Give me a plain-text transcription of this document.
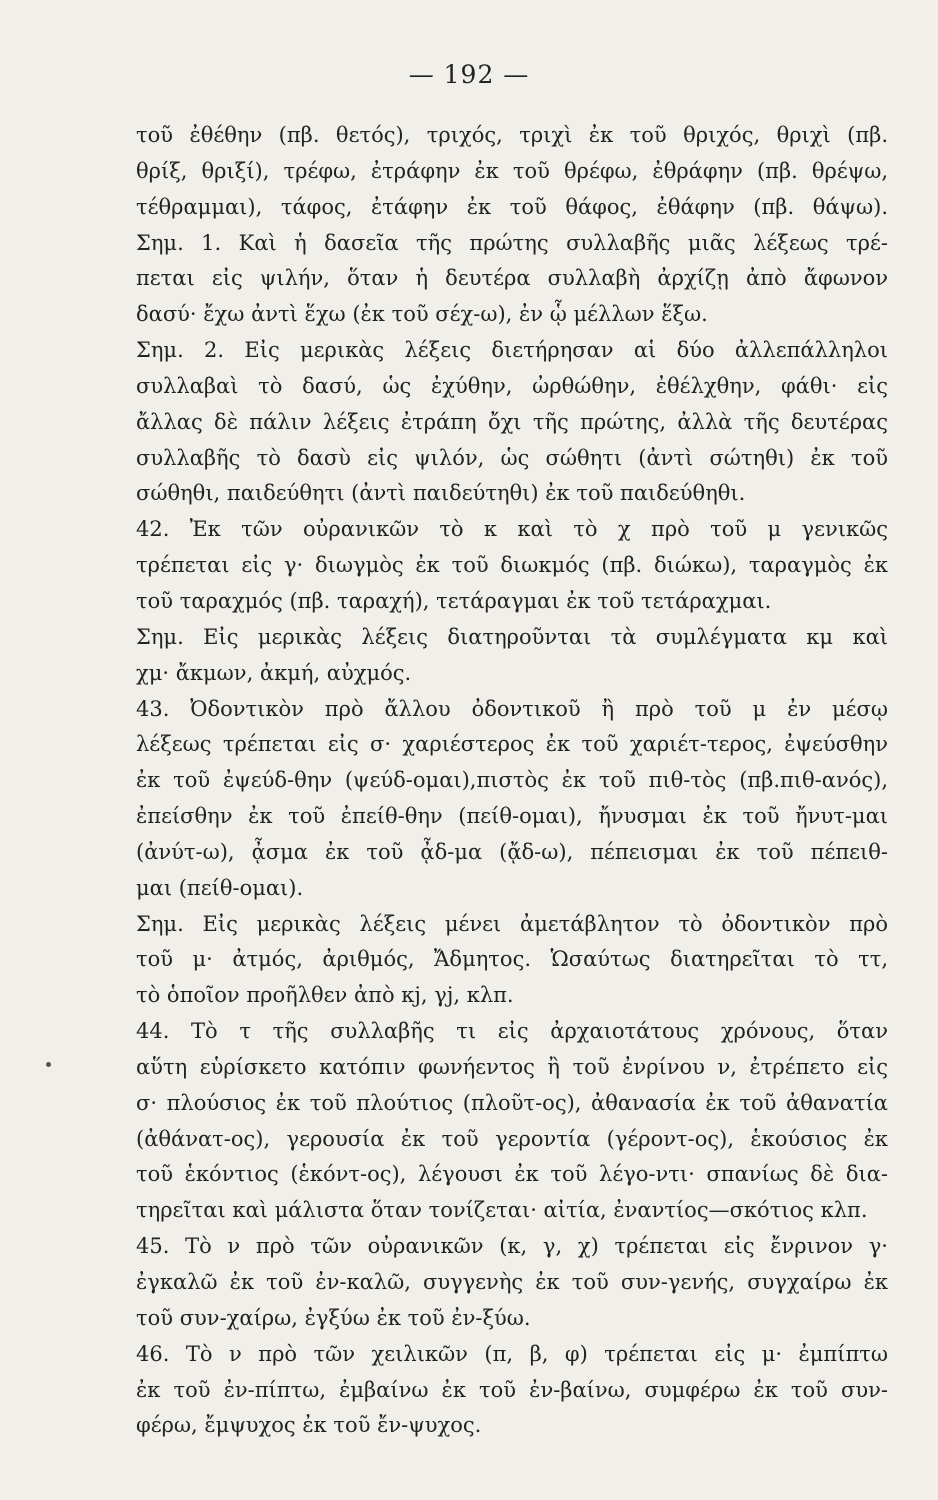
— 192 —
τοῦ ἐθέθην (πβ. θετός), τριχός, τριχὶ ἐκ τοῦ θριχός, θριχὶ (πβ.
θρίξ, θριξί), τρέφω, ἐτράφην ἐκ τοῦ θρέφω, ἐθράφην (πβ. θρέψω,
τέθραμμαι), τάφος, ἐτάφην ἐκ τοῦ θάφος, ἐθάφην (πβ. θάψω).
Σημ. 1. Καὶ ἡ δασεῖα τῆς πρώτης συλλαβῆς μιᾶς λέξεως τρέ-
πεται εἰς ψιλήν, ὅταν ἡ δευτέρα συλλαβὴ ἀρχίζῃ ἀπὸ ἄφωνον
δασύ· ἔχω ἀντὶ ἕχω (ἐκ τοῦ σέχ-ω), ἐν ᾧ μέλλων ἕξω.
Σημ. 2. Εἰς μερικὰς λέξεις διετήρησαν αἱ δύο ἀλλεπάλληλοι
συλλαβαὶ τὸ δασύ, ὡς ἐχύθην, ὠρθώθην, ἐθέλχθην, φάθι· εἰς
ἄλλας δὲ πάλιν λέξεις ἐτράπη ὄχι τῆς πρώτης, ἀλλὰ τῆς δευτέρας
συλλαβῆς τὸ δασὺ εἰς ψιλόν, ὡς σώθητι (ἀντὶ σώτηθι) ἐκ τοῦ
σώθηθι, παιδεύθητι (ἀντὶ παιδεύτηθι) ἐκ τοῦ παιδεύθηθι.
42. Ἐκ τῶν οὐρανικῶν τὸ κ καὶ τὸ χ πρὸ τοῦ μ γενικῶς
τρέπεται εἰς γ· διωγμὸς ἐκ τοῦ διωκμός (πβ. διώκω), ταραγμὸς ἐκ
τοῦ ταραχμός (πβ. ταραχή), τετάραγμαι ἐκ τοῦ τετάραχμαι.
Σημ. Εἰς μερικὰς λέξεις διατηροῦνται τὰ συμλέγματα κμ καὶ
χμ· ἄκμων, ἀκμή, αὐχμός.
43. Ὀδοντικὸν πρὸ ἄλλου ὀδοντικοῦ ἢ πρὸ τοῦ μ ἐν μέσῳ
λέξεως τρέπεται εἰς σ· χαριέστερος ἐκ τοῦ χαριέτ-τερος, ἐψεύσθην
ἐκ τοῦ ἐψεύδ-θην (ψεύδ-ομαι),πιστὸς ἐκ τοῦ πιθ-τὸς (πβ.πιθ-ανός),
ἐπείσθην ἐκ τοῦ ἐπείθ-θην (πείθ-ομαι), ἤνυσμαι ἐκ τοῦ ἤνυτ-μαι
(ἀνύτ-ω), ᾆσμα ἐκ τοῦ ᾆδ-μα (ᾄδ-ω), πέπεισμαι ἐκ τοῦ πέπειθ-
μαι (πείθ-ομαι).
Σημ. Εἰς μερικὰς λέξεις μένει ἀμετάβλητον τὸ ὀδοντικὸν πρὸ
τοῦ μ· ἀτμός, ἀριθμός, Ἄδμητος. Ὡσαύτως διατηρεῖται τὸ ττ,
τὸ ὁποῖον προῆλθεν ἀπὸ κj, γj, κλπ.
44. Τὸ τ τῆς συλλαβῆς τι εἰς ἀρχαιοτάτους χρόνους, ὅταν
αὕτη εὑρίσκετο κατόπιν φωνήεντος ἢ τοῦ ἐνρίνου ν, ἐτρέπετο εἰς
σ· πλούσιος ἐκ τοῦ πλούτιος (πλοῦτ-ος), ἀθανασία ἐκ τοῦ ἀθανατία
(ἀθάνατ-ος), γερουσία ἐκ τοῦ γεροντία (γέροντ-ος), ἑκούσιος ἐκ
τοῦ ἑκόντιος (ἑκόντ-ος), λέγουσι ἐκ τοῦ λέγο-ντι· σπανίως δὲ δια-
τηρεῖται καὶ μάλιστα ὅταν τονίζεται· αἰτία, ἐναντίος—σκότιος κλπ.
45. Τὸ ν πρὸ τῶν οὐρανικῶν (κ, γ, χ) τρέπεται εἰς ἔνρινον γ·
ἐγκαλῶ ἐκ τοῦ ἐν-καλῶ, συγγενὴς ἐκ τοῦ συν-γενής, συγχαίρω ἐκ
τοῦ συν-χαίρω, ἐγξύω ἐκ τοῦ ἐν-ξύω.
46. Τὸ ν πρὸ τῶν χειλικῶν (π, β, φ) τρέπεται εἰς μ· ἐμπίπτω
ἐκ τοῦ ἐν-πίπτω, ἐμβαίνω ἐκ τοῦ ἐν-βαίνω, συμφέρω ἐκ τοῦ συν-
φέρω, ἔμψυχος ἐκ τοῦ ἔν-ψυχος.
